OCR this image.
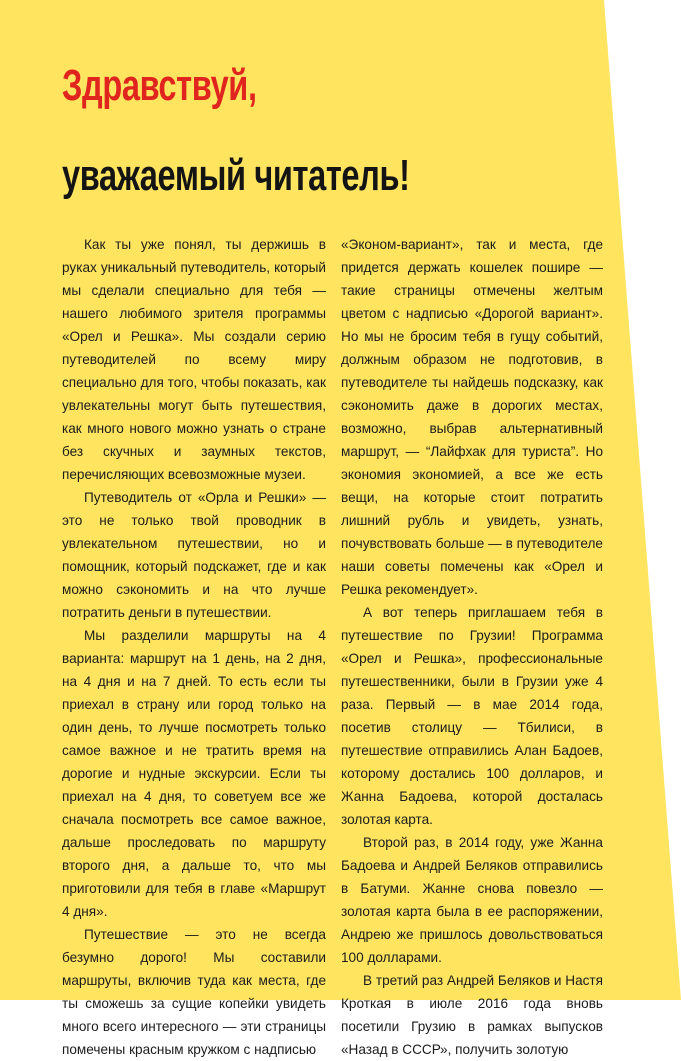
Здравствуй,
уважаемый читатель!

Как ты уже понял, ты держишь в руках уникальный путеводитель, который мы сделали специально для тебя — нашего любимого зрителя программы «Орел и Решка». Мы создали серию путеводителей по всему миру специально для того, чтобы показать, как увлекательны могут быть путешествия, как много нового можно узнать о стране без скучных и заумных текстов, перечисляющих всевозможные музеи.

Путеводитель от «Орла и Решки» — это не только твой проводник в увлекательном путешествии, но и помощник, который подскажет, где и как можно сэкономить и на что лучше потратить деньги в путешествии.

Мы разделили маршруты на 4 варианта: маршрут на 1 день, на 2 дня, на 4 дня и на 7 дней. То есть если ты приехал в страну или город только на один день, то лучше посмотреть только самое важное и не тратить время на дорогие и нудные экскурсии. Если ты приехал на 4 дня, то советуем все же сначала посмотреть все самое важное, дальше проследовать по маршруту второго дня, а дальше то, что мы приготовили для тебя в главе «Маршрут 4 дня».

Путешествие — это не всегда безумно дорого! Мы составили маршруты, включив туда как места, где ты сможешь за сущие копейки увидеть много всего интересного — эти страницы помечены красным кружком с надписью

«Эконом-вариант», так и места, где придется держать кошелек пошире — такие страницы отмечены желтым цветом с надписью «Дорогой вариант». Но мы не бросим тебя в гущу событий, должным образом не подготовив, в путеводителе ты найдешь подсказку, как сэкономить даже в дорогих местах, возможно, выбрав альтернативный маршрут, — “Лайфхак для туриста”. Но экономия экономией, а все же есть вещи, на которые стоит потратить лишний рубль и увидеть, узнать, почувствовать больше — в путеводителе наши советы помечены как «Орел и Решка рекомендует».

А вот теперь приглашаем тебя в путешествие по Грузии! Программа «Орел и Решка», профессиональные путешественники, были в Грузии уже 4 раза. Первый — в мае 2014 года, посетив столицу — Тбилиси, в путешествие отправились Алан Бадоев, которому достались 100 долларов, и Жанна Бадоева, которой досталась золотая карта.

Второй раз, в 2014 году, уже Жанна Бадоева и Андрей Беляков отправились в Батуми. Жанне снова повезло — золотая карта была в ее распоряжении, Андрею же пришлось довольствоваться 100 долларами.

В третий раз Андрей Беляков и Настя Кроткая в июле 2016 года вновь посетили Грузию в рамках выпусков «Назад в СССР», получить золотую
